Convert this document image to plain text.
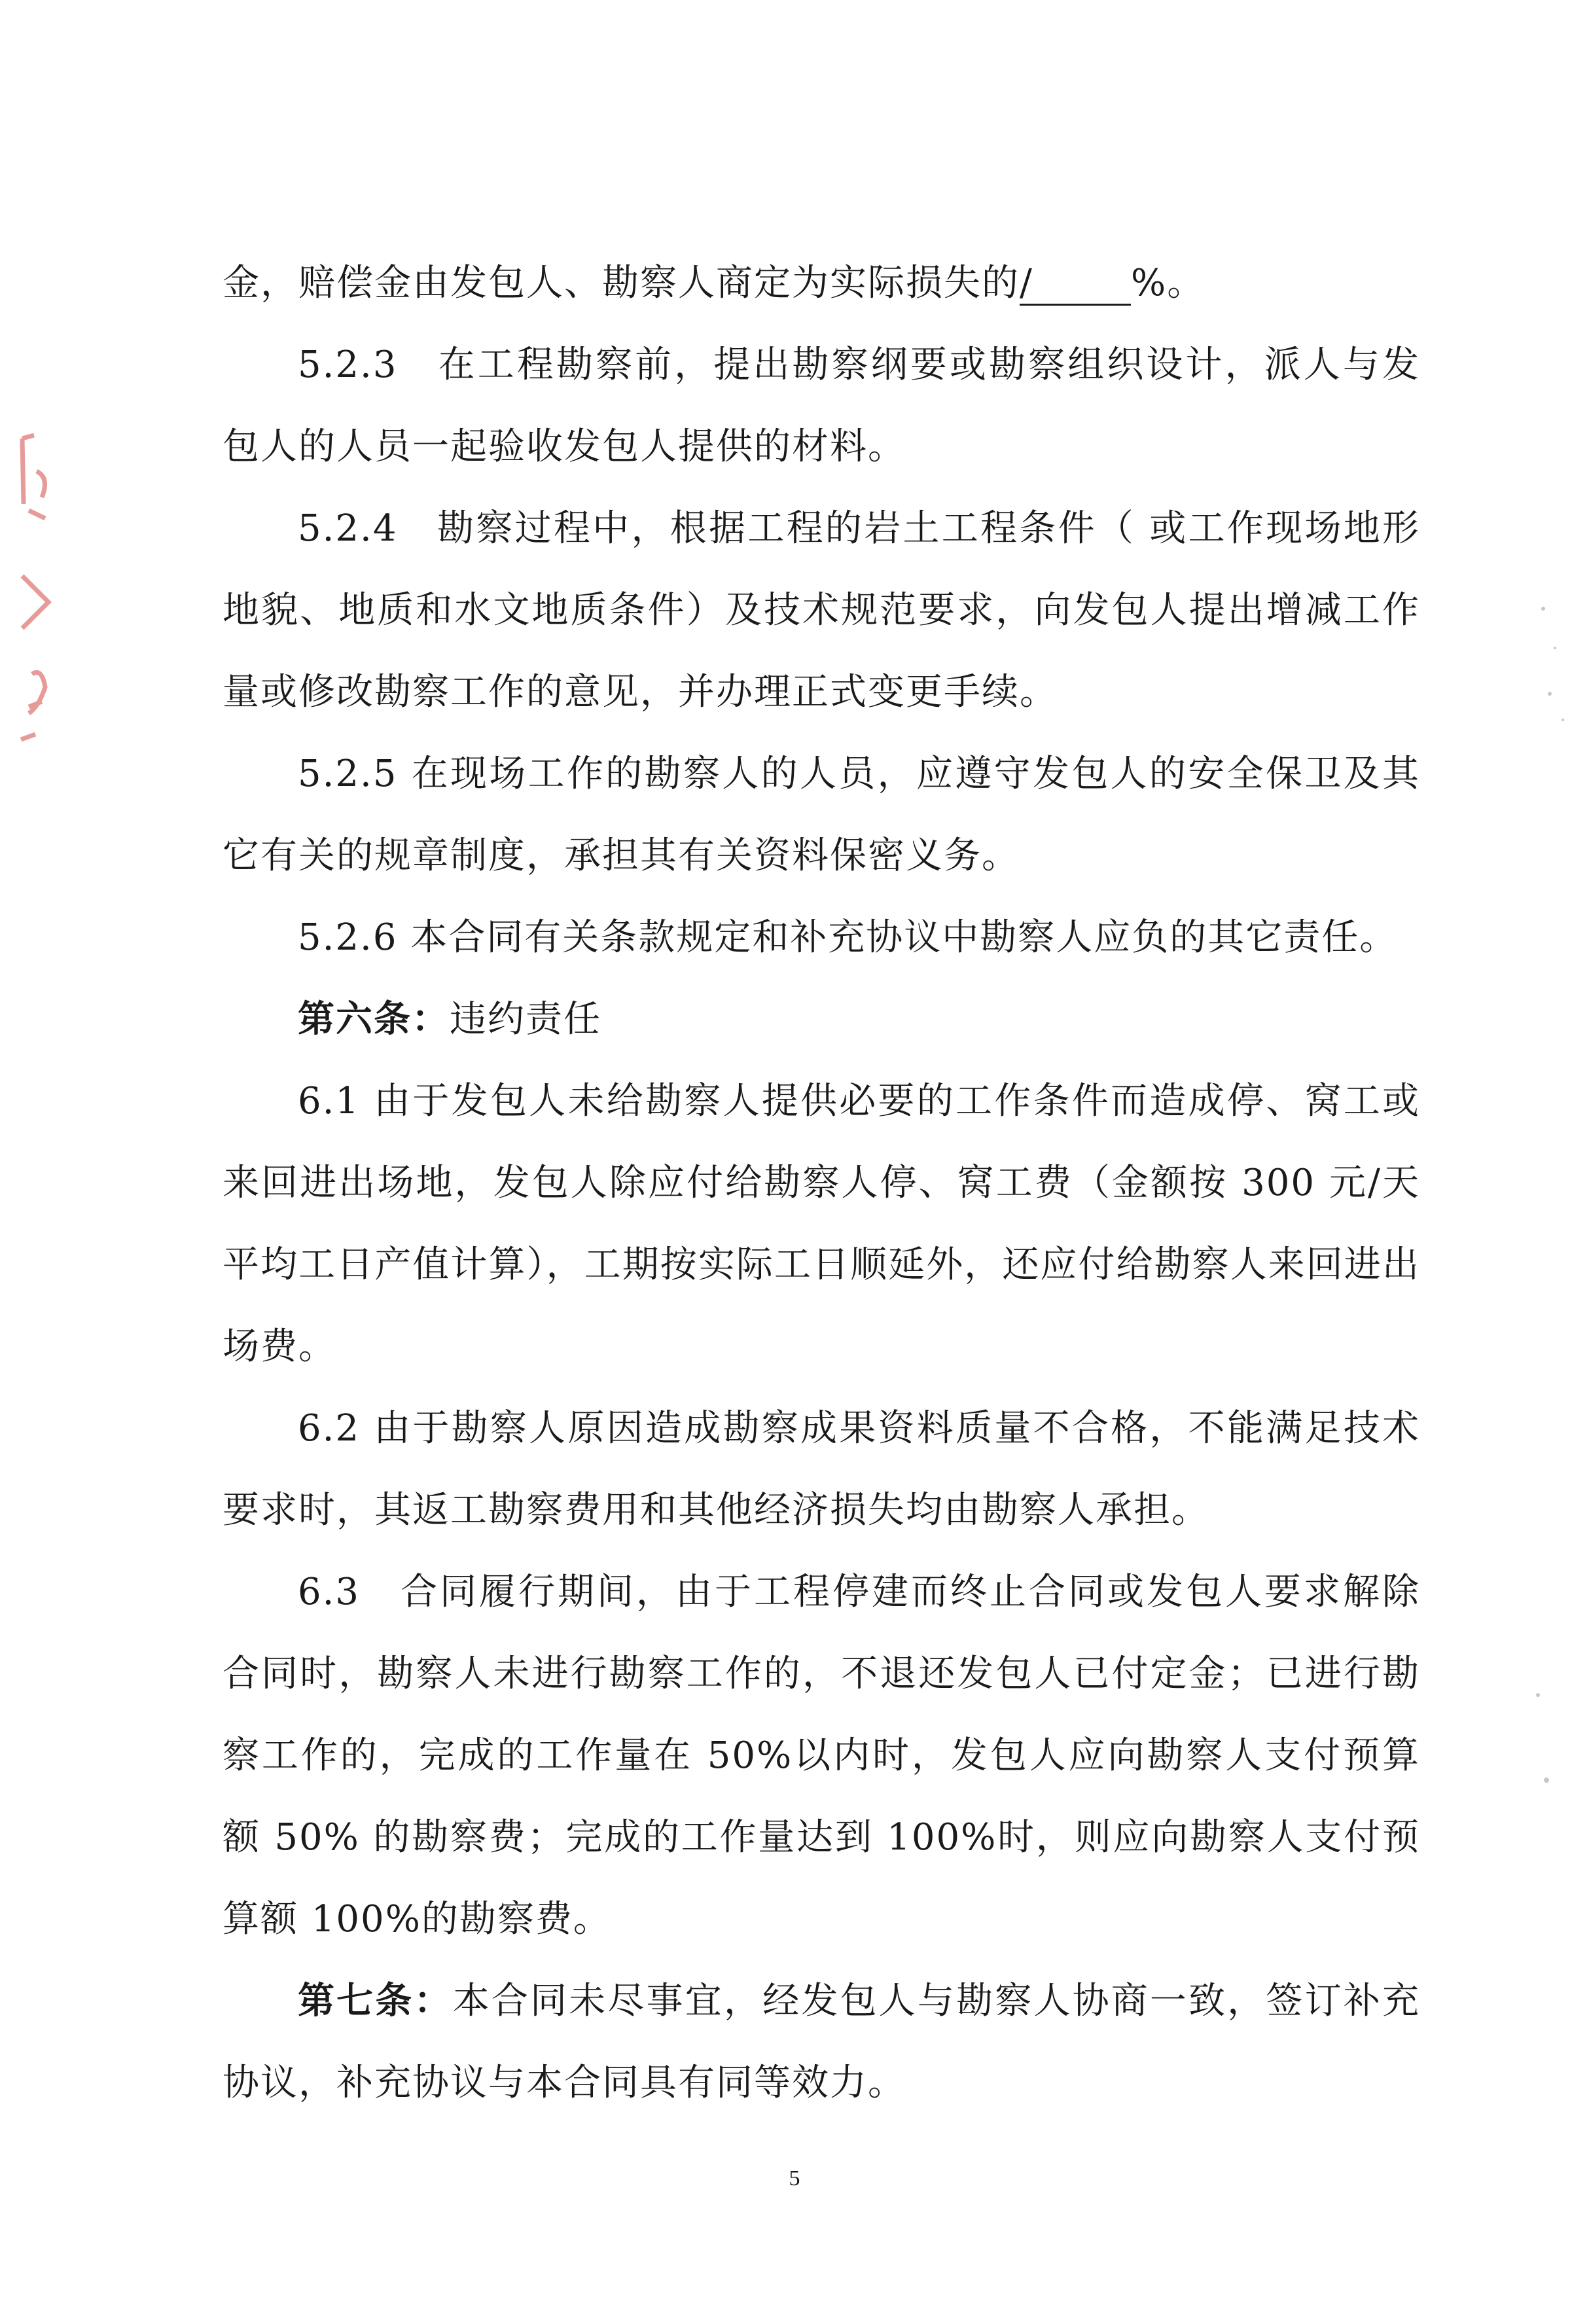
金，赔偿金由发包人、勘察人商定为实际损失的/	%。

5.2.3　在工程勘察前，提出勘察纲要或勘察组织设计，派人与发包人的人员一起验收发包人提供的材料。

5.2.4　勘察过程中，根据工程的岩土工程条件（ 或工作现场地形地貌、地质和水文地质条件）及技术规范要求，向发包人提出增减工作量或修改勘察工作的意见，并办理正式变更手续。

5.2.5 在现场工作的勘察人的人员，应遵守发包人的安全保卫及其它有关的规章制度，承担其有关资料保密义务。

5.2.6 本合同有关条款规定和补充协议中勘察人应负的其它责任。

第六条：违约责任

6.1 由于发包人未给勘察人提供必要的工作条件而造成停、窝工或来回进出场地，发包人除应付给勘察人停、窝工费（金额按 300 元/天平均工日产值计算），工期按实际工日顺延外，还应付给勘察人来回进出场费。

6.2 由于勘察人原因造成勘察成果资料质量不合格，不能满足技术要求时，其返工勘察费用和其他经济损失均由勘察人承担。

6.3　合同履行期间，由于工程停建而终止合同或发包人要求解除合同时，勘察人未进行勘察工作的，不退还发包人已付定金；已进行勘察工作的，完成的工作量在 50%以内时，发包人应向勘察人支付预算额 50% 的勘察费；完成的工作量达到 100%时，则应向勘察人支付预算额 100%的勘察费。

第七条：本合同未尽事宜，经发包人与勘察人协商一致，签订补充协议，补充协议与本合同具有同等效力。

5
